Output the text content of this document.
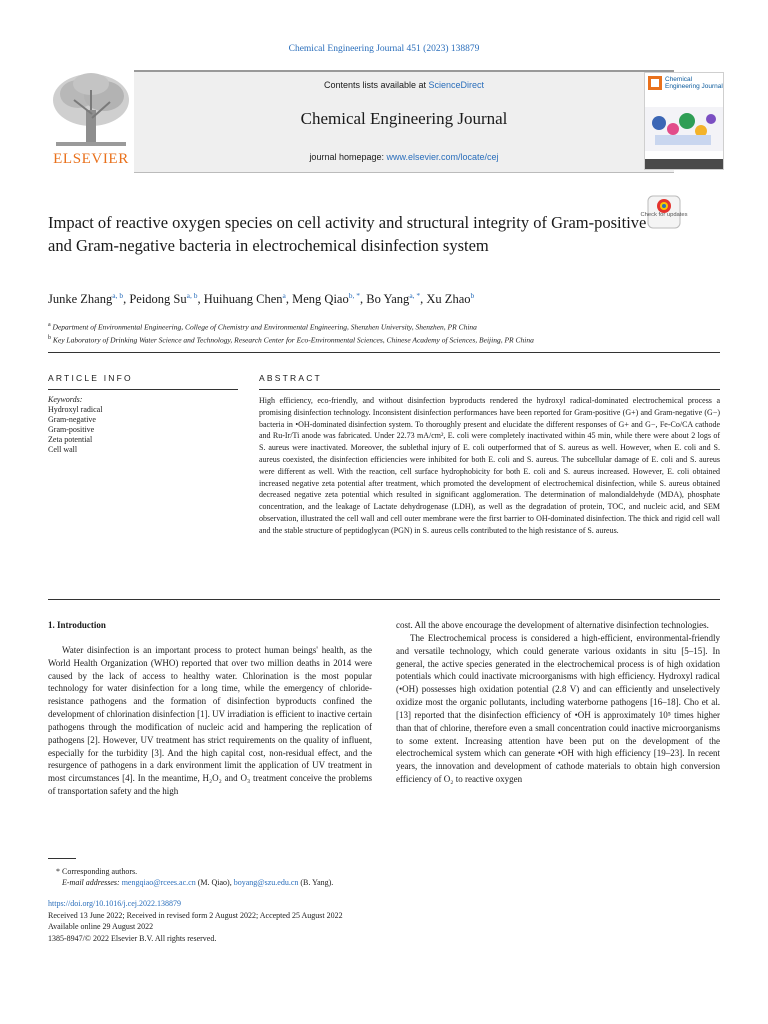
Chemical Engineering Journal 451 (2023) 138879
ELSEVIER
Contents lists available at ScienceDirect
Chemical Engineering Journal
journal homepage: www.elsevier.com/locate/cej
Chemical Engineering Journal
Impact of reactive oxygen species on cell activity and structural integrity of Gram-positive and Gram-negative bacteria in electrochemical disinfection system
Check for updates
Junke Zhang$^{a, b}$, Peidong Su$^{a, b}$, Huihuang Chen$^a$, Meng Qiao$^{b, *}$, Bo Yang$^{a, *}$, Xu Zhao$^b$
$^a$ Department of Environmental Engineering, College of Chemistry and Environmental Engineering, Shenzhen University, Shenzhen, PR China
$^b$ Key Laboratory of Drinking Water Science and Technology, Research Center for Eco-Environmental Sciences, Chinese Academy of Sciences, Beijing, PR China
ARTICLE INFO	ABSTRACT
Keywords:
Hydroxyl radical
Gram-negative
Gram-positive
Zeta potential
Cell wall

High efficiency, eco-friendly, and without disinfection byproducts rendered the hydroxyl radical-dominated electrochemical process a promising disinfection technology. Inconsistent disinfection performances have been reported for Gram-positive (G+) and Gram-negative (G−) bacteria in •OH-dominated disinfection system. To thoroughly present and elucidate the different responses of G+ and G−, Fe-Co/CA cathode and Ru-Ir/Ti anode was fabricated. Under 22.73 mA/cm², E. coli were completely inactivated within 45 min, while there were about 2 logs of S. aureus were inactivated. Moreover, the sublethal injury of E. coli outperformed that of S. aureus as well. However, when E. coli and S. aureus coexisted, the disinfection efficiencies were inhibited for both E. coli and S. aureus. The subcellular damage of E. coli and S. aureus were different as well. With the reaction, cell surface hydrophobicity for both E. coli and S. aureus increased. However, E. coli obtained increased negative zeta potential after treatment, which promoted the development of electrochemical disinfection, while S. aureus obtained decreased negative zeta potential which resulted in significant agglomeration. The determination of malondialdehyde (MDA), phosphate concentration, and the leakage of Lactate dehydrogenase (LDH), as well as the degradation of protein, TOC, and nucleic acid, and SEM observation, illustrated the cell wall and cell outer membrane were the first barrier to OH-dominated disinfection. The thick and rigid cell wall and the stable structure of peptidoglycan (PGN) in S. aureus cells contributed to the high resistance of S. aureus.

1. Introduction

Water disinfection is an important process to protect human beings' health, as the World Health Organization (WHO) reported that over two million deaths in 2014 were caused by the lack of access to healthy water. Chlorination is the most popular technology for water disinfection for a long time, while the emergency of chloride-resistance pathogens and the formation of disinfection byproducts confined the development of chlorination disinfection [1]. UV irradiation is efficient to inactive certain pathogens through the modification of nucleic acid and hampering the replication of pathogens [2]. However, UV treatment has strict requirements on the quality of influent, especially for the turbidity [3]. And the high capital cost, non-residual effect, and the resurgence of pathogens in a dark environment limit the application of UV treatment in most circumstances [4]. In the meantime, H₂O₂ and O₃ treatment conceive the problems of transportation safety and the high

cost. All the above encourage the development of alternative disinfection technologies.

The Electrochemical process is considered a high-efficient, environmental-friendly and versatile technology, which could generate various oxidants in situ [5–15]. In general, the active species generated in the electrochemical process is of high oxidation potentials which could inactivate microorganisms with high efficiency. Hydroxyl radical (•OH) possesses high oxidation potential (2.8 V) and can efficiently and unselectively oxidize most the organic pollutants, including waterborne pathogens [16–18]. Cho et al. [13] reported that the disinfection efficiency of •OH is approximately 10⁵ times higher than that of chlorine, therefore even a small concentration could inactive microorganisms to some extent. Increasing attention have been put on the development of the electrochemical system which can generate •OH with high efficiency [19–23]. In recent years, the innovation and development of cathode materials to obtain high conversion efficiency of O₂ to reactive oxygen

* Corresponding authors.
E-mail addresses: mengqiao@rcees.ac.cn (M. Qiao), boyang@szu.edu.cn (B. Yang).
https://doi.org/10.1016/j.cej.2022.138879
Received 13 June 2022; Received in revised form 2 August 2022; Accepted 25 August 2022
Available online 29 August 2022
1385-8947/© 2022 Elsevier B.V. All rights reserved.
